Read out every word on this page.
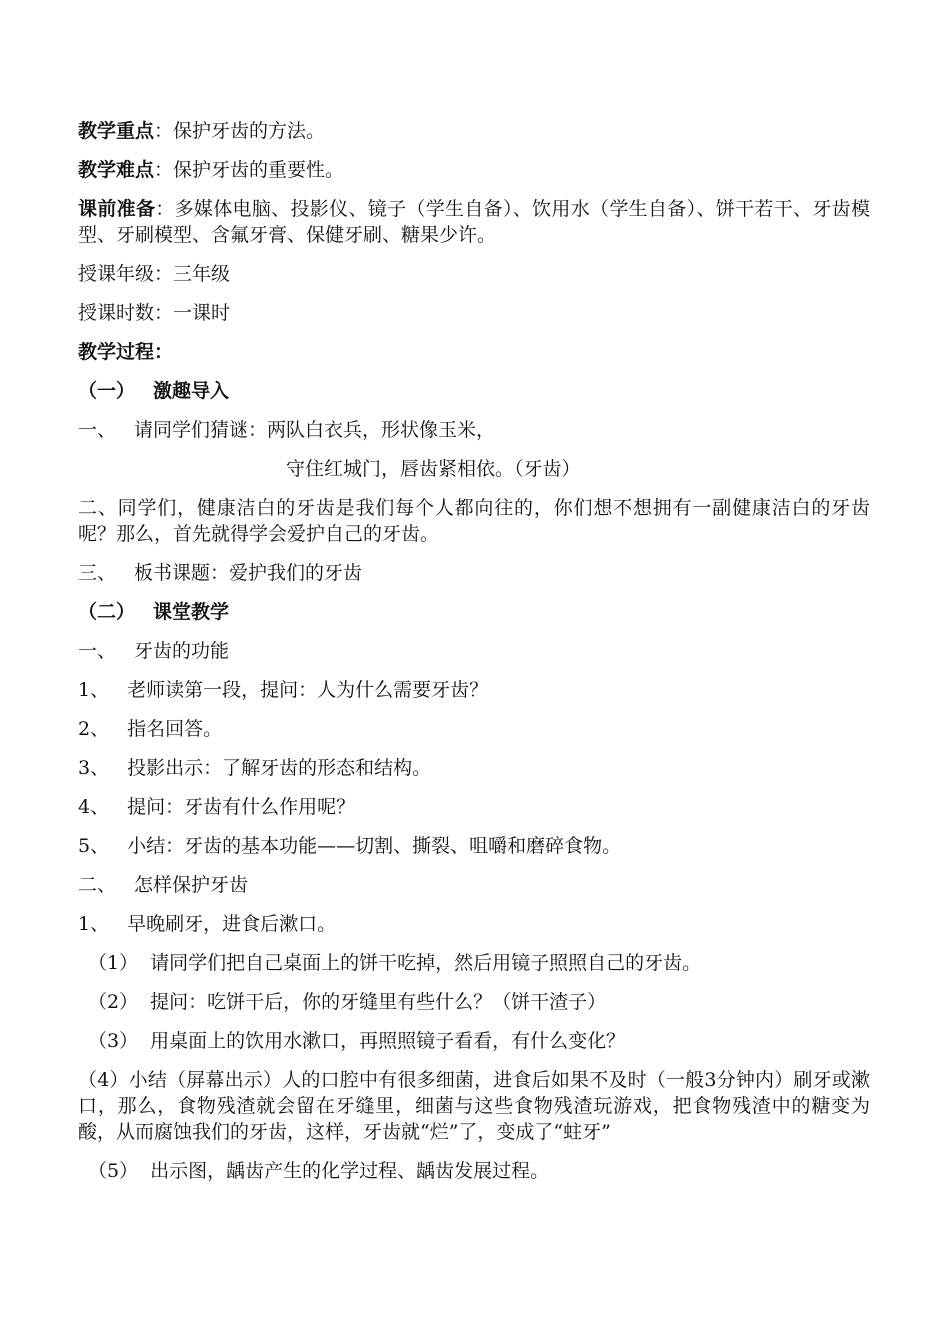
教学重点：保护牙齿的方法。

教学难点：保护牙齿的重要性。

课前准备：多媒体电脑、投影仪、镜子（学生自备）、饮用水（学生自备）、饼干若干、牙齿模型、牙刷模型、含氟牙膏、保健牙刷、糖果少许。

授课年级：三年级

授课时数：一课时

教学过程：

（一） 激趣导入

一、 请同学们猜谜：两队白衣兵，形状像玉米，

守住红城门，唇齿紧相依。（牙齿）

二、同学们，健康洁白的牙齿是我们每个人都向往的，你们想不想拥有一副健康洁白的牙齿呢？那么，首先就得学会爱护自己的牙齿。

三、 板书课题：爱护我们的牙齿

（二） 课堂教学

一、 牙齿的功能

1、 老师读第一段，提问：人为什么需要牙齿？

2、 指名回答。

3、 投影出示：了解牙齿的形态和结构。

4、 提问：牙齿有什么作用呢？

5、 小结：牙齿的基本功能——切割、撕裂、咀嚼和磨碎食物。

二、 怎样保护牙齿

1、 早晚刷牙，进食后漱口。

（1） 请同学们把自己桌面上的饼干吃掉，然后用镜子照照自己的牙齿。

（2） 提问：吃饼干后，你的牙缝里有些什么？（饼干渣子）

（3） 用桌面上的饮用水漱口，再照照镜子看看，有什么变化？

（4）小结（屏幕出示）人的口腔中有很多细菌，进食后如果不及时（一般3分钟内）刷牙或漱口，那么，食物残渣就会留在牙缝里，细菌与这些食物残渣玩游戏，把食物残渣中的糖变为酸，从而腐蚀我们的牙齿，这样，牙齿就“烂”了，变成了“蛀牙”

（5） 出示图，龋齿产生的化学过程、龋齿发展过程。
